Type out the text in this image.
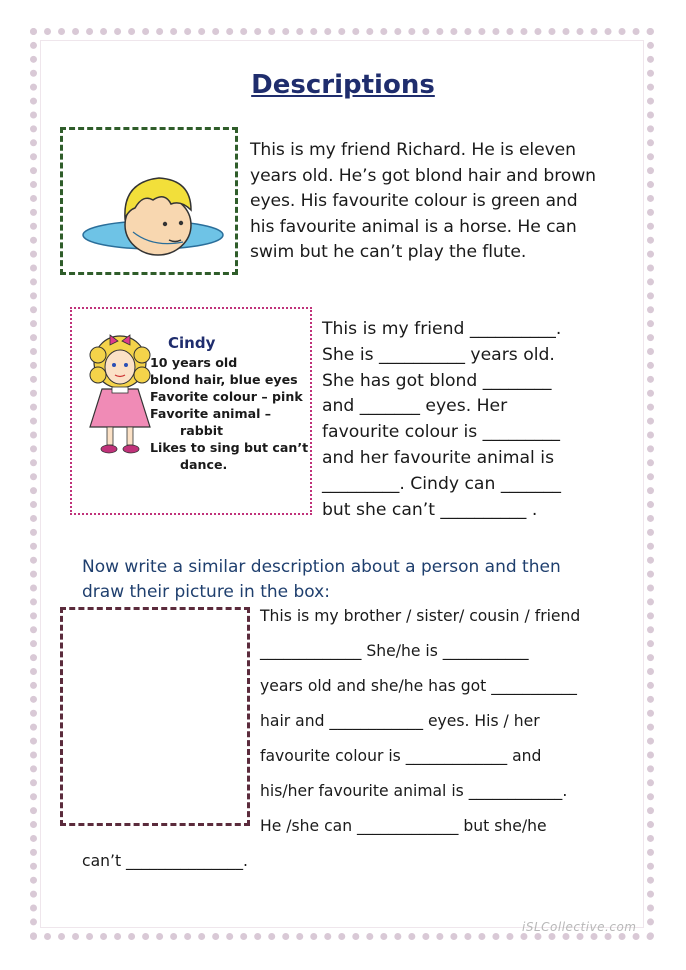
Descriptions
This is my friend Richard. He is eleven
years old. He’s got blond hair and brown
eyes. His favourite colour is green and
his favourite animal is a horse. He can
swim but he can’t play the flute.
Cindy
10 years old
blond hair, blue eyes
Favorite colour – pink
Favorite animal –
rabbit
Likes to sing but can’t
dance.
This is my friend __________.
She is __________ years old.
She has got blond ________
and _______ eyes. Her
favourite colour is _________
and her favourite animal is
_________. Cindy can _______
but she can’t __________ .
Now write a similar description about a person and then
draw their picture in the box:
This is my brother / sister/ cousin / friend
_____________ She/he is ___________
years old and she/he has got ___________
hair and ____________ eyes. His / her
favourite colour is _____________ and
his/her favourite animal is ____________.
He /she can _____________ but she/he
can’t _______________.
iSLCollective.com
